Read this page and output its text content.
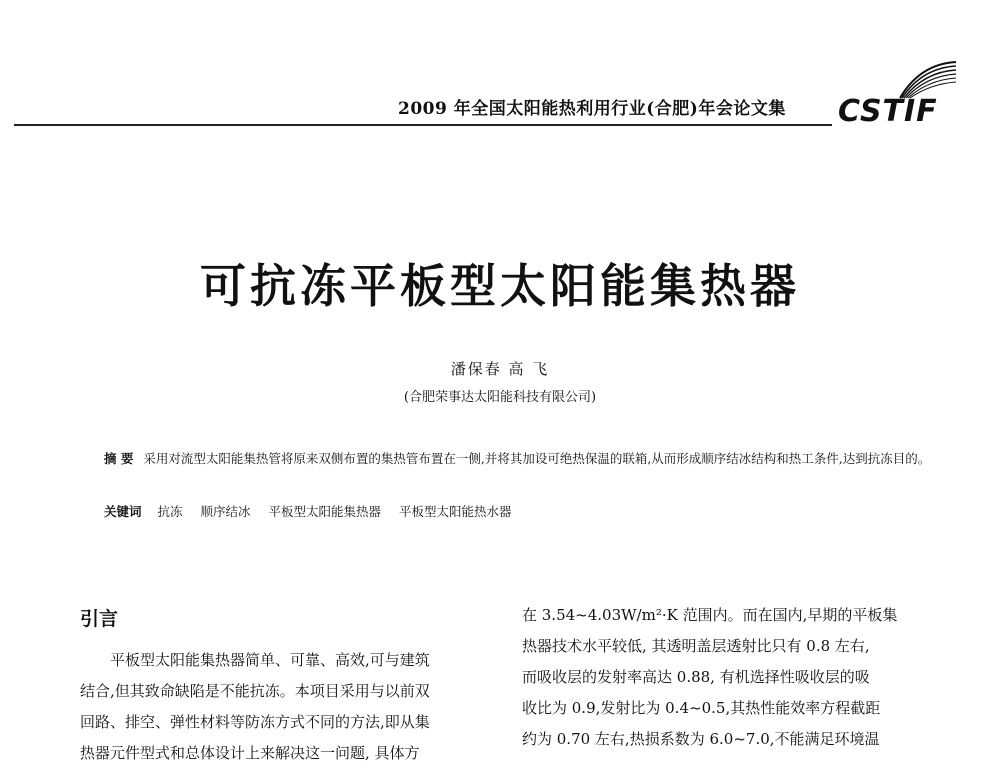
2009 年全国太阳能热利用行业(合肥)年会论文集	CSTIF
可抗冻平板型太阳能集热器
潘保春 高 飞
(合肥荣事达太阳能科技有限公司)
摘 要 采用对流型太阳能集热管将原来双侧布置的集热管布置在一侧,并将其加设可绝热保温的联箱,从而形成顺序结冰结构和热工条件,达到抗冻目的。
关键词 抗冻 顺序结冰 平板型太阳能集热器 平板型太阳能热水器
引言
平板型太阳能集热器简单、可靠、高效,可与建筑
结合,但其致命缺陷是不能抗冻。本项目采用与以前双
回路、排空、弹性材料等防冻方式不同的方法,即从集
热器元件型式和总体设计上来解决这一问题, 具体方
在 3.54~4.03W/m²·K 范围内。而在国内,早期的平板集
热器技术水平较低, 其透明盖层透射比只有 0.8 左右,
而吸收层的发射率高达 0.88, 有机选择性吸收层的吸
收比为 0.9,发射比为 0.4~0.5,其热性能效率方程截距
约为 0.70 左右,热损系数为 6.0~7.0,不能满足环境温
